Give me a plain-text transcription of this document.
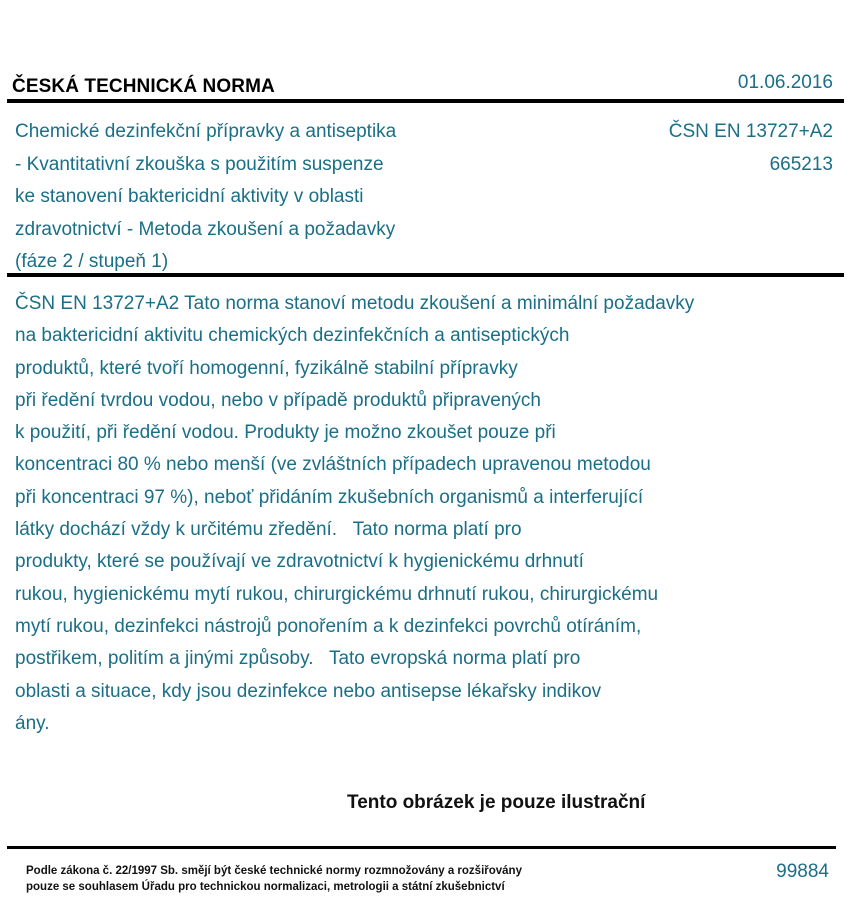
ČESKÁ TECHNICKÁ NORMA	01.06.2016
Chemické dezinfekční přípravky a antiseptika
- Kvantitativní zkouška s použitím suspenze
ke stanovení baktericidní aktivity v oblasti
zdravotnictví - Metoda zkoušení a požadavky
(fáze 2 / stupeň 1)
ČSN EN 13727+A2
665213
ČSN EN 13727+A2 Tato norma stanoví metodu zkoušení a minimální požadavky
na baktericidní aktivitu chemických dezinfekčních a antiseptických
produktů, které tvoří homogenní, fyzikálně stabilní přípravky
při ředění tvrdou vodou, nebo v případě produktů připravených
k použití, při ředění vodou. Produkty je možno zkoušet pouze při
koncentraci 80 % nebo menší (ve zvláštních případech upravenou metodou
při koncentraci 97 %), neboť přidáním zkušebních organismů a interferující
látky dochází vždy k určitému zředění.   Tato norma platí pro
produkty, které se používají ve zdravotnictví k hygienickému drhnutí
rukou, hygienickému mytí rukou, chirurgickému drhnutí rukou, chirurgickému
mytí rukou, dezinfekci nástrojů ponořením a k dezinfekci povrchů otíráním,
postřikem, politím a jinými způsoby.   Tato evropská norma platí pro
oblasti a situace, kdy jsou dezinfekce nebo antisepse lékařsky indikov
ány.
Tento obrázek je pouze ilustrační
Podle zákona č. 22/1997 Sb. smějí být české technické normy rozmnožovány a rozšiřovány
pouze se souhlasem Úřadu pro technickou normalizaci, metrologii a státní zkušebnictví
99884
